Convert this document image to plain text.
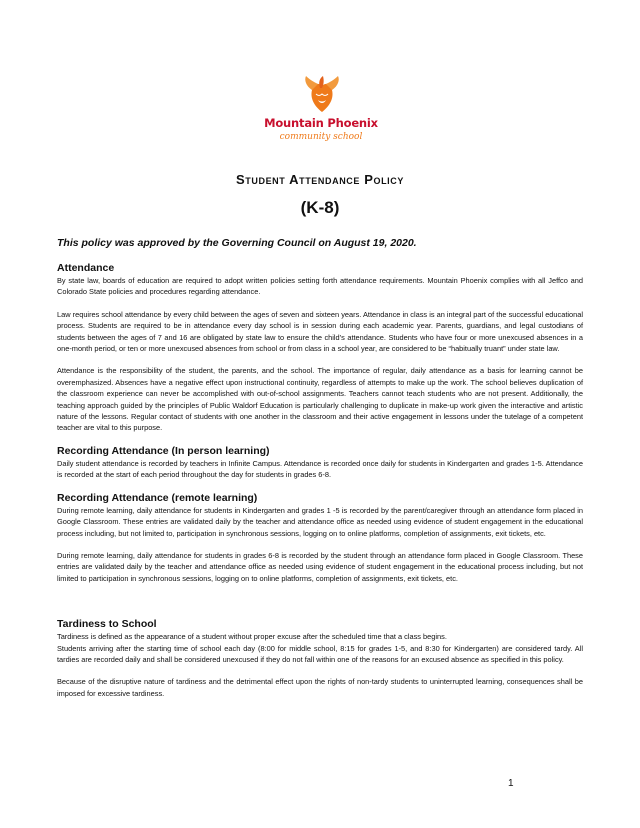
Mountain Phoenix
community school
Student Attendance Policy
(K-8)
This policy was approved by the Governing Council on August 19, 2020.
Attendance

By state law, boards of education are required to adopt written policies setting forth attendance requirements. Mountain Phoenix complies with all Jeffco and Colorado State policies and procedures regarding attendance.

Law requires school attendance by every child between the ages of seven and sixteen years. Attendance in class is an integral part of the successful educational process. Students are required to be in attendance every day school is in session during each academic year. Parents, guardians, and legal custodians of students between the ages of 7 and 16 are obligated by state law to ensure the child’s attendance. Students who have four or more unexcused absences in a one-month period, or ten or more unexcused absences from school or from class in a school year, are considered to be “habitually truant” under state law.

Attendance is the responsibility of the student, the parents, and the school. The importance of regular, daily attendance as a basis for learning cannot be overemphasized. Absences have a negative effect upon instructional continuity, regardless of attempts to make up the work. The school believes duplication of the classroom experience can never be accomplished with out-of-school assignments. Teachers cannot teach students who are not present. Additionally, the teaching approach guided by the principles of Public Waldorf Education is particularly challenging to duplicate in make-up work given the interactive and artistic nature of the lessons. Regular contact of students with one another in the classroom and their active engagement in lessons under the tutelage of a competent teacher are vital to this purpose.

Recording Attendance (In person learning)

Daily student attendance is recorded by teachers in Infinite Campus. Attendance is recorded once daily for students in Kindergarten and grades 1-5. Attendance is recorded at the start of each period throughout the day for students in grades 6-8.

Recording Attendance (remote learning)

During remote learning, daily attendance for students in Kindergarten and grades 1 -5 is recorded by the parent/caregiver through an attendance form placed in Google Classroom. These entries are validated daily by the teacher and attendance office as needed using evidence of student engagement in the educational process including, but not limited to, participation in synchronous sessions, logging on to online platforms, completion of assignments, exit tickets, etc.

During remote learning, daily attendance for students in grades 6-8 is recorded by the student through an attendance form placed in Google Classroom. These entries are validated daily by the teacher and attendance office as needed using evidence of student engagement in the educational process including, but not limited to participation in synchronous sessions, logging on to online platforms, completion of assignments, exit tickets, etc.

Tardiness to School

Tardiness is defined as the appearance of a student without proper excuse after the scheduled time that a class begins.

Students arriving after the starting time of school each day (8:00 for middle school, 8:15 for grades 1-5, and 8:30 for Kindergarten) are considered tardy. All tardies are recorded daily and shall be considered unexcused if they do not fall within one of the reasons for an excused absence as specified in this policy.

Because of the disruptive nature of tardiness and the detrimental effect upon the rights of non-tardy students to uninterrupted learning, consequences shall be imposed for excessive tardiness.

1
